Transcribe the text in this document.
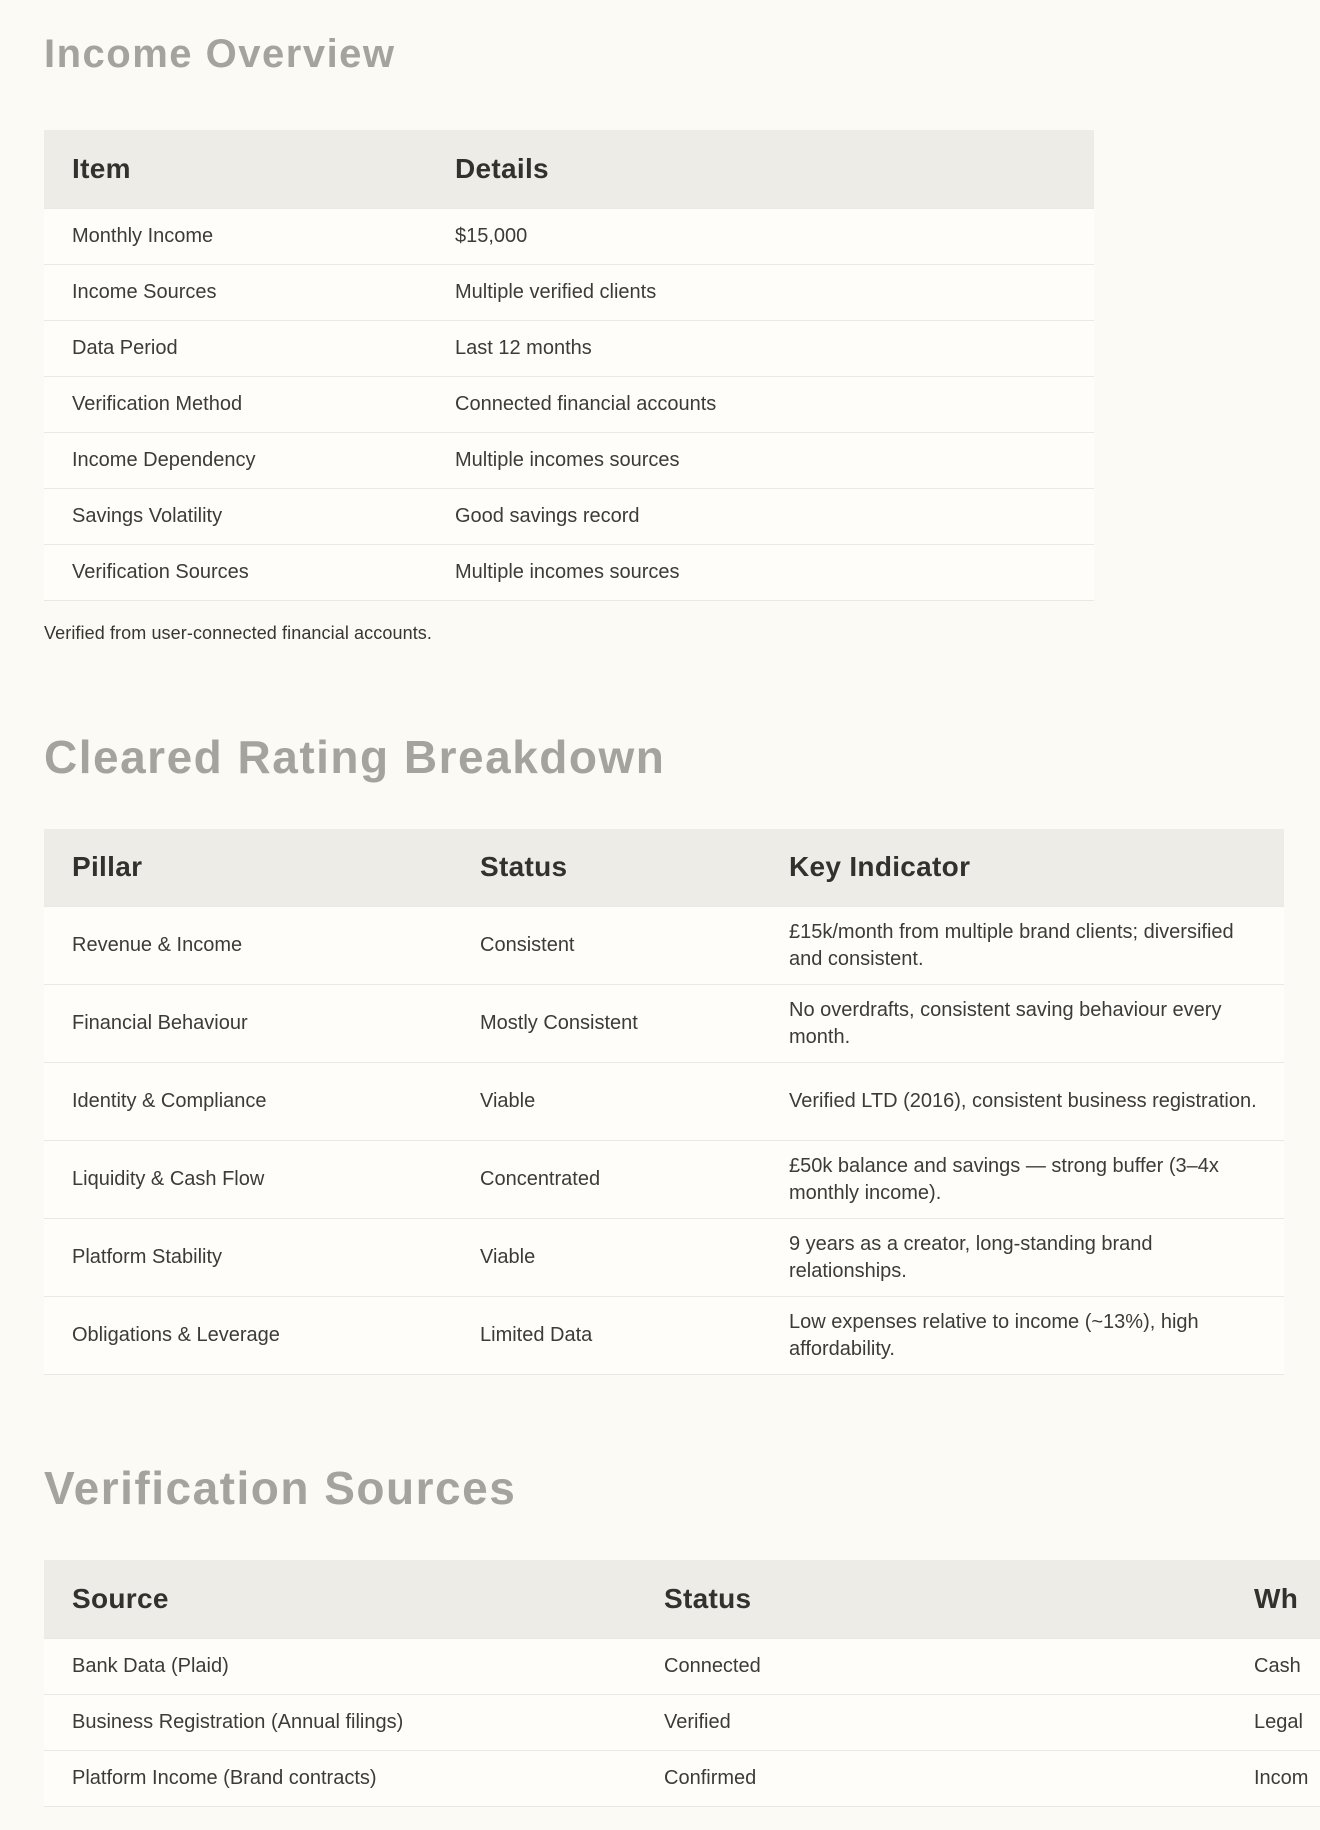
Income Overview
Item	Details
Monthly Income	$15,000
Income Sources	Multiple verified clients
Data Period	Last 12 months
Verification Method	Connected financial accounts
Income Dependency	Multiple incomes sources
Savings Volatility	Good savings record
Verification Sources	Multiple incomes sources

Verified from user-connected financial accounts.

Cleared Rating Breakdown
Pillar	Status	Key Indicator
Revenue & Income	Consistent	£15k/month from multiple brand clients; diversified and consistent.
Financial Behaviour	Mostly Consistent	No overdrafts, consistent saving behaviour every month.
Identity & Compliance	Viable	Verified LTD (2016), consistent business registration.
Liquidity & Cash Flow	Concentrated	£50k balance and savings — strong buffer (3–4x monthly income).
Platform Stability	Viable	9 years as a creator, long-standing brand relationships.
Obligations & Leverage	Limited Data	Low expenses relative to income (~13%), high affordability.
Verification Sources
Source	Status	Wh
Bank Data (Plaid)	Connected	Cash
Business Registration (Annual filings)	Verified	Legal
Platform Income (Brand contracts)	Confirmed	Incom
